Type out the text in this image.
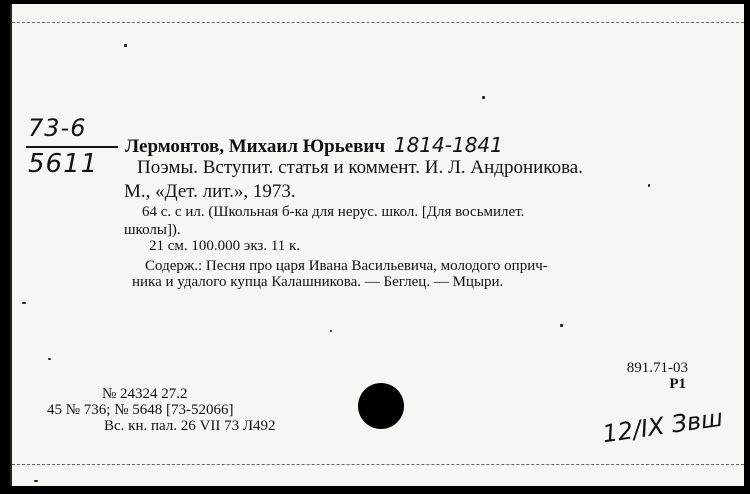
73-6
5611
Лермонтов, Михаил Юрьевич 1814-1841
Поэмы. Вступит. статья и коммент. И. Л. Андроникова.
М., «Дет. лит.», 1973.
64 с. с ил. (Школьная б-ка для нерус. школ. [Для восьмилет.
школы]).
21 см. 100.000 экз. 11 к.
Содерж.: Песня про царя Ивана Васильевича, молодого оприч-
ника и удалого купца Калашникова. — Беглец. — Мцыри.
891.71-03
Р1
№ 24324 27.2
45 № 736; № 5648 [73-52066]
Вс. кн. пал. 26 VII 73 Л492	12/IX Звш
